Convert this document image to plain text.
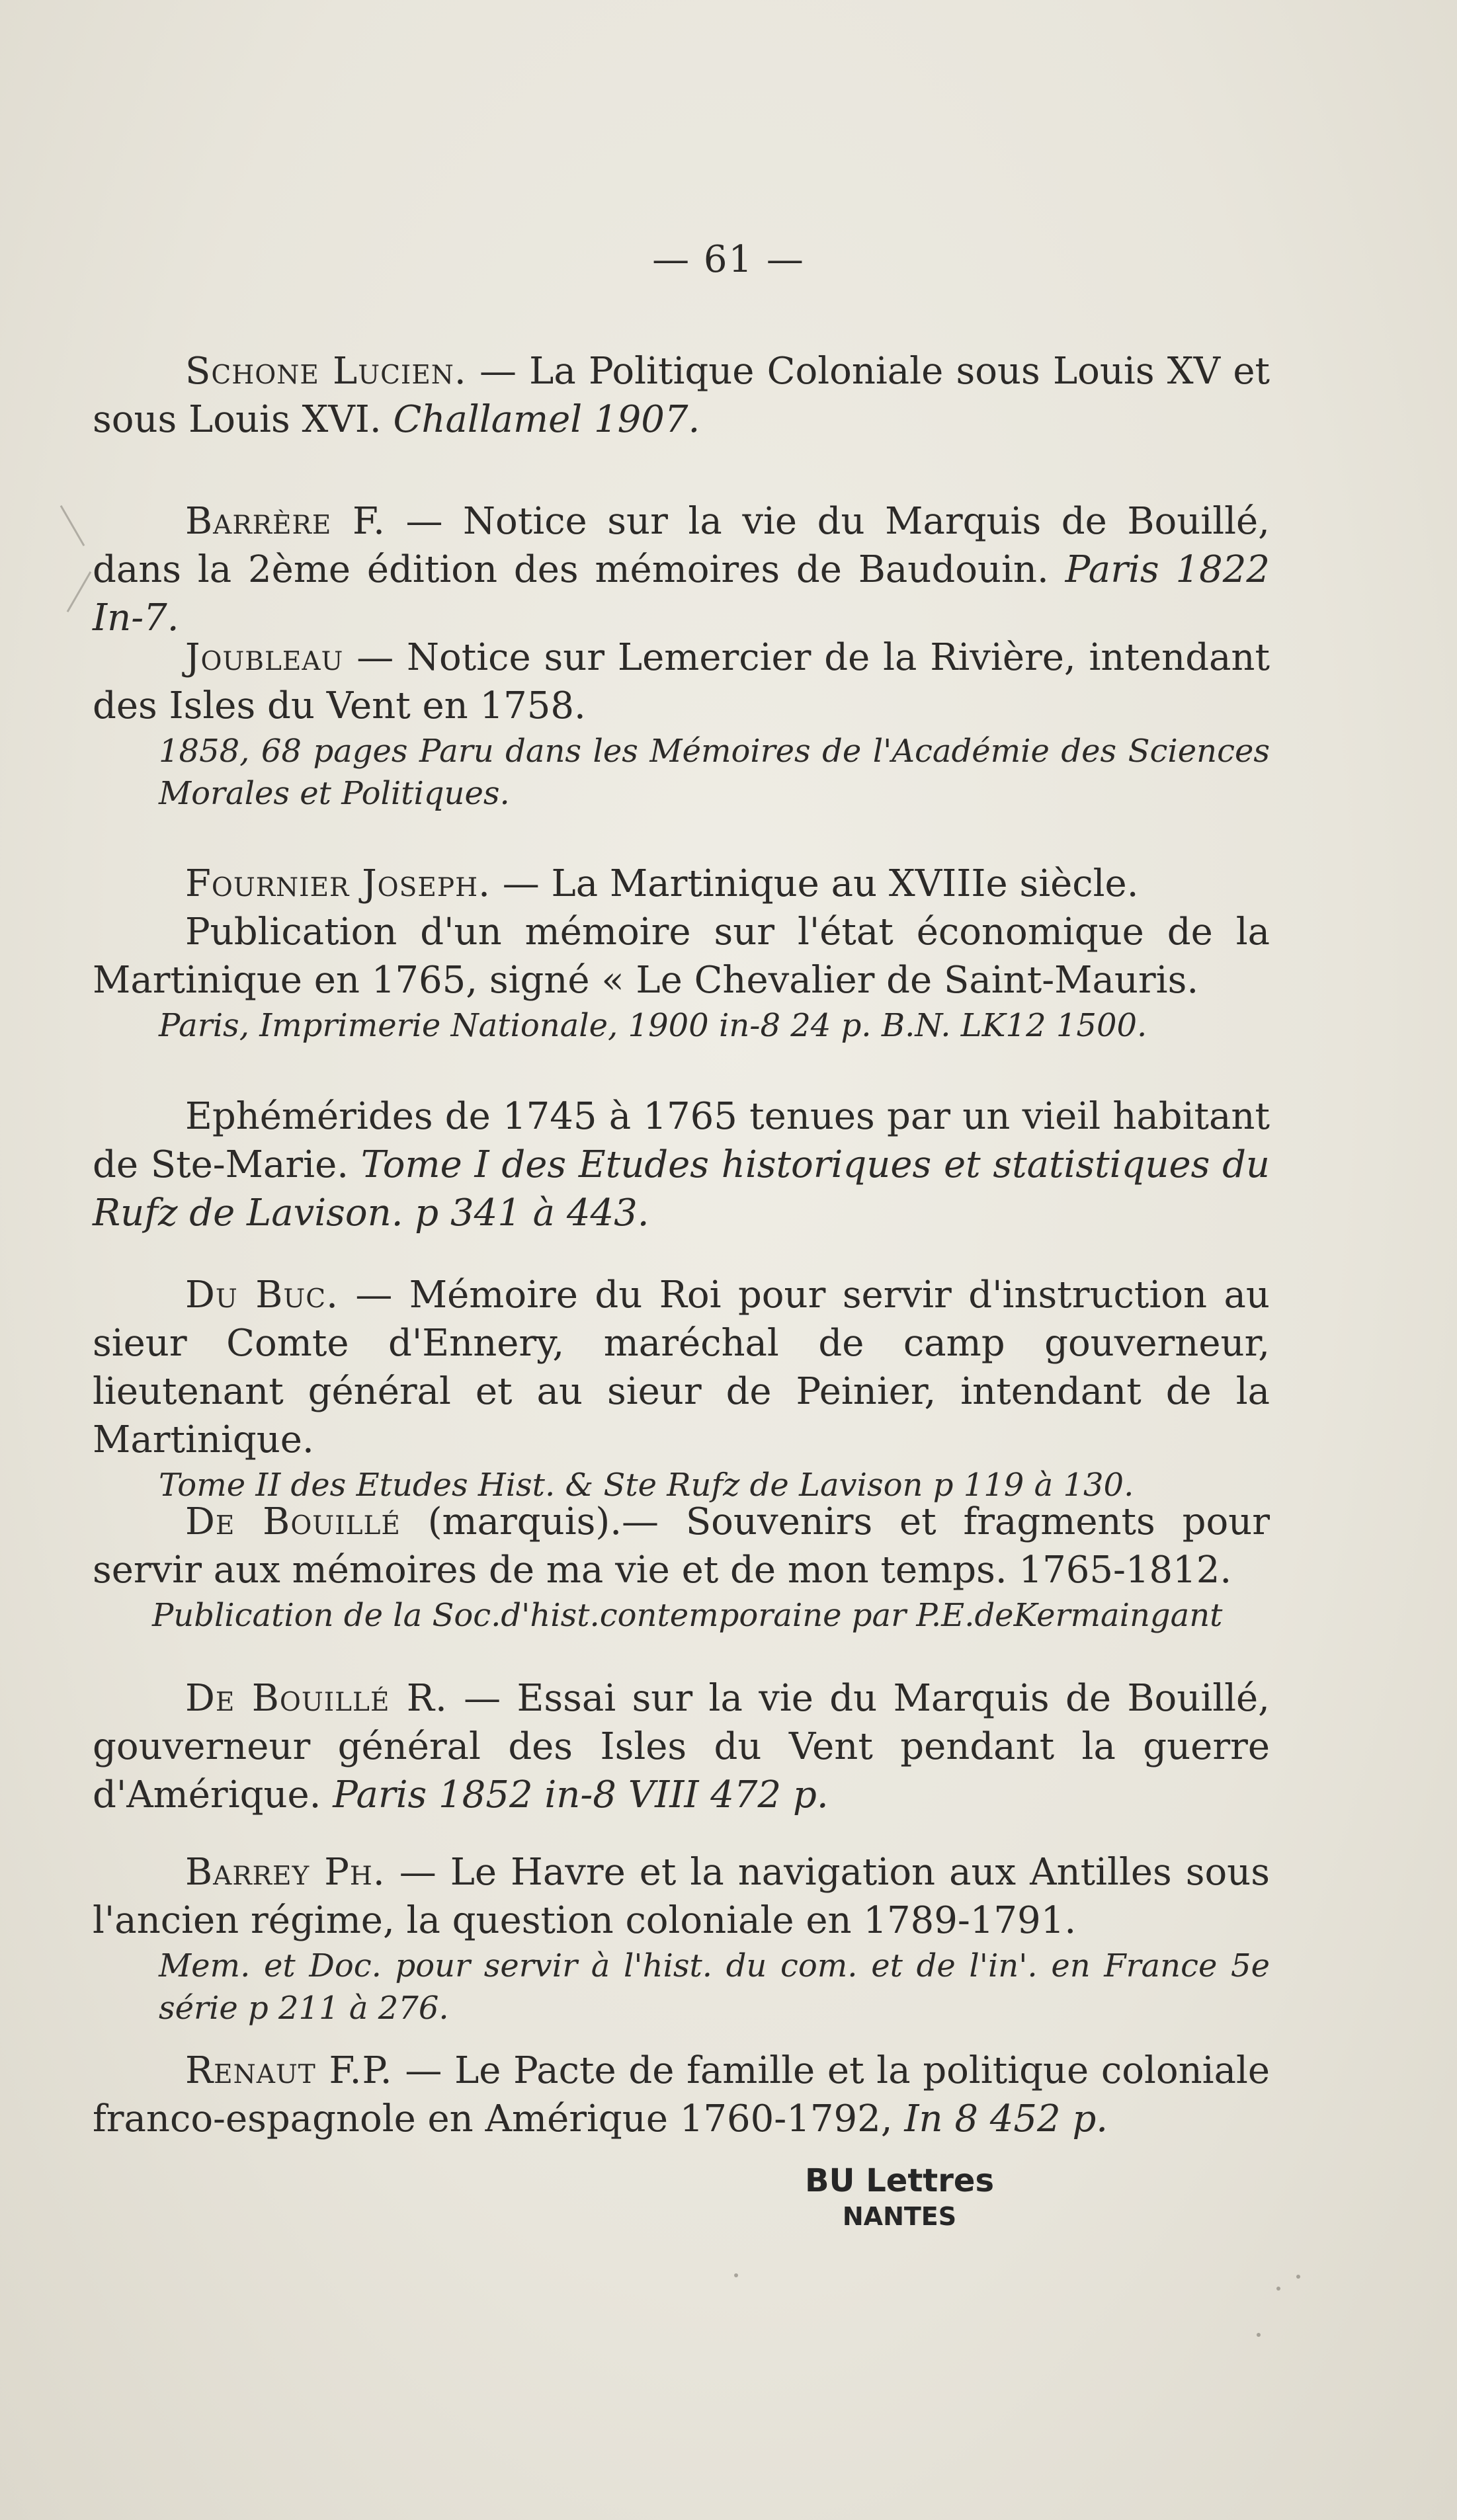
— 61 —

Schone Lucien. — La Politique Coloniale sous Louis XV et sous Louis XVI. Challamel 1907.

Barrère F. — Notice sur la vie du Marquis de Bouillé, dans la 2ème édition des mémoires de Baudouin. Paris 1822 In-7.

Joubleau — Notice sur Lemercier de la Rivière, intendant des Isles du Vent en 1758.

1858, 68 pages Paru dans les Mémoires de l'Académie des Sciences Morales et Politiques.

Fournier Joseph. — La Martinique au XVIIIe siècle.

Publication d'un mémoire sur l'état économique de la Martinique en 1765, signé « Le Chevalier de Saint-Mauris.

Paris, Imprimerie Nationale, 1900 in-8 24 p. B.N. LK12 1500.

Ephémérides de 1745 à 1765 tenues par un vieil habitant de Ste-Marie. Tome I des Etudes historiques et statistiques du Rufz de Lavison. p 341 à 443.

Du Buc. — Mémoire du Roi pour servir d'instruction au sieur Comte d'Ennery, maréchal de camp gouverneur, lieutenant général et au sieur de Peinier, intendant de la Martinique.

Tome II des Etudes Hist. & Ste Rufz de Lavison p 119 à 130.

De Bouillé (marquis).— Souvenirs et fragments pour servir aux mémoires de ma vie et de mon temps. 1765-1812.

Publication de la Soc.d'hist.contemporaine par P.E.deKermaingant

De Bouillé R. — Essai sur la vie du Marquis de Bouillé, gouverneur général des Isles du Vent pendant la guerre d'Amérique. Paris 1852 in-8 VIII 472 p.

Barrey Ph. — Le Havre et la navigation aux Antilles sous l'ancien régime, la question coloniale en 1789-1791.

Mem. et Doc. pour servir à l'hist. du com. et de l'in'. en France 5e série p 211 à 276.

Renaut F.P. — Le Pacte de famille et la politique coloniale franco-espagnole en Amérique 1760-1792, In 8 452 p.

BU Lettres
NANTES
